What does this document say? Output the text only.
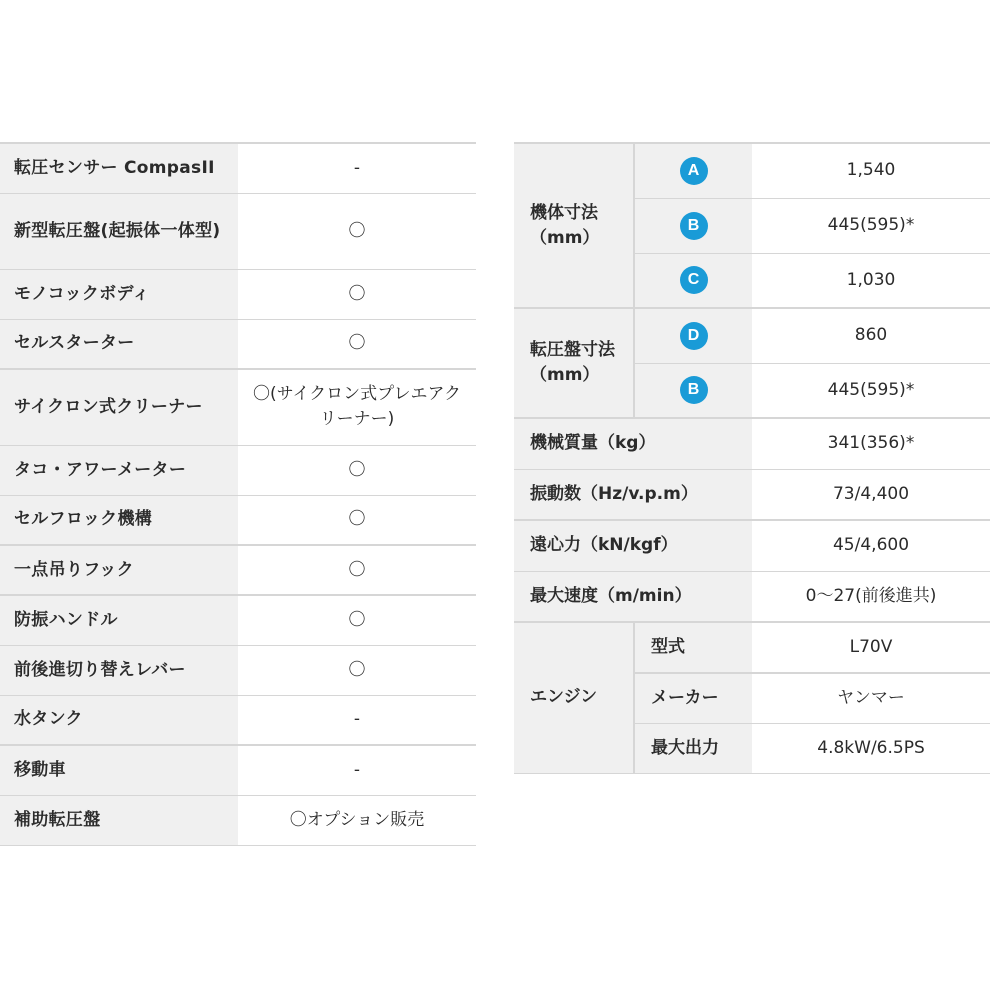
転圧センサー CompasII	-
新型転圧盤(起振体一体型)	〇
モノコックボディ	〇
セルスターター	〇
サイクロン式クリーナー	〇(サイクロン式プレエアクリーナー)
タコ・アワーメーター	〇
セルフロック機構	〇
一点吊りフック	〇
防振ハンドル	〇
前後進切り替えレバー	〇
水タンク	-
移動車	-
補助転圧盤	〇オプション販売
機体寸法（mm）	A	1,540
	B	445(595)*
	C	1,030
転圧盤寸法（mm）	D	860
	B	445(595)*
機械質量（kg）		341(356)*
振動数（Hz/v.p.m）		73/4,400
遠心力（kN/kgf）		45/4,600
最大速度（m/min）		0〜27(前後進共)
エンジン	型式	L70V
	メーカー	ヤンマー
	最大出力	4.8kW/6.5PS
